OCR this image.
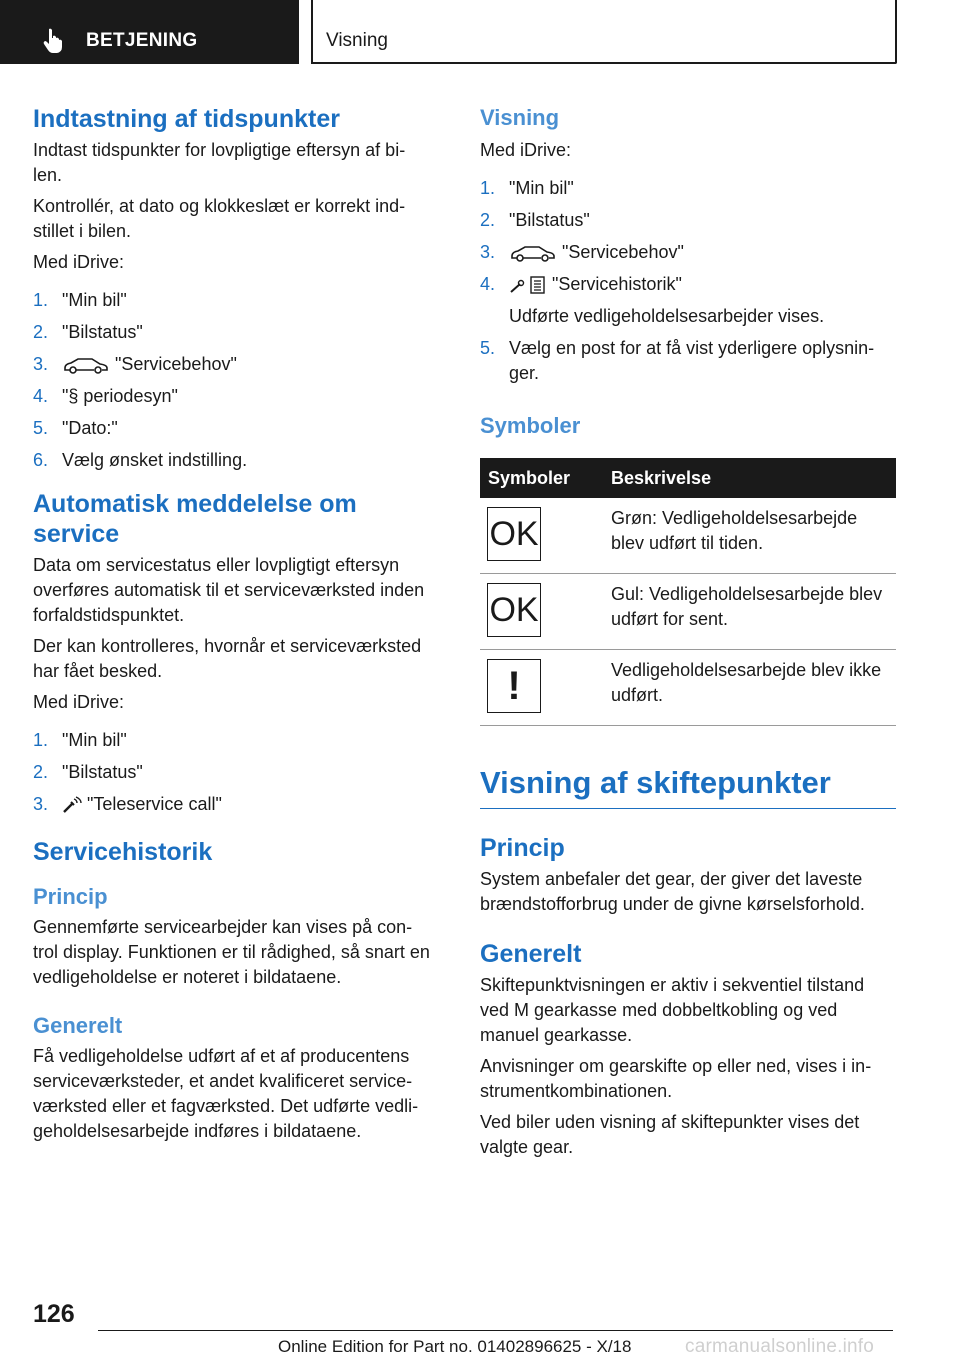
BETJENING	Visning
Indtastning af tidspunkter

Indtast tidspunkter for lovpligtige eftersyn af bi-
len.

Kontrollér, at dato og klokkeslæt er korrekt ind-
stillet i bilen.

Med iDrive:

1. "Min bil"
2. "Bilstatus"
3.	"Servicebehov"
4. "§ periodesyn"
5. "Dato:"
6. Vælg ønsket indstilling.
Automatisk meddelelse om service

Data om servicestatus eller lovpligtigt eftersyn overføres automatisk til et serviceværksted inden forfaldstidspunktet.

Der kan kontrolleres, hvornår et serviceværksted har fået besked.

Med iDrive:

1. "Min bil"
2. "Bilstatus"
3. "Teleservice call"
Servicehistorik
Princip

Gennemførte servicearbejder kan vises på con-
trol display. Funktionen er til rådighed, så snart en vedligeholdelse er noteret i bildataene.

Generelt

Få vedligeholdelse udført af et af producentens serviceværksteder, et andet kvalificeret service-
værksted eller et fagværksted. Det udførte vedli-
geholdelsesarbejde indføres i bildataene.

Visning

Med iDrive:

1. "Min bil"
2. "Bilstatus"
3.	"Servicebehov"
4.	"Servicehistorik"
Udførte vedligeholdelsesarbejder vises.
5. Vælg en post for at få vist yderligere oplysnin-
ger.
Symboler
Symboler Beskrivelse
OK	Grøn: Vedligeholdelsesarbejde blev udført til tiden.
OK	Gul: Vedligeholdelsesarbejde blev udført for sent.
!	Vedligeholdelsesarbejde blev ikke udført.
Visning af skiftepunkter
Princip

System anbefaler det gear, der giver det laveste brændstofforbrug under de givne kørselsforhold.

Generelt

Skiftepunktvisningen er aktiv i sekventiel tilstand ved M gearkasse med dobbeltkobling og ved manuel gearkasse.

Anvisninger om gearskifte op eller ned, vises i in-
strumentkombinationen.

Ved biler uden visning af skiftepunkter vises det valgte gear.

126
Online Edition for Part no. 01402896625 - X/18	carmanualsonline.info
